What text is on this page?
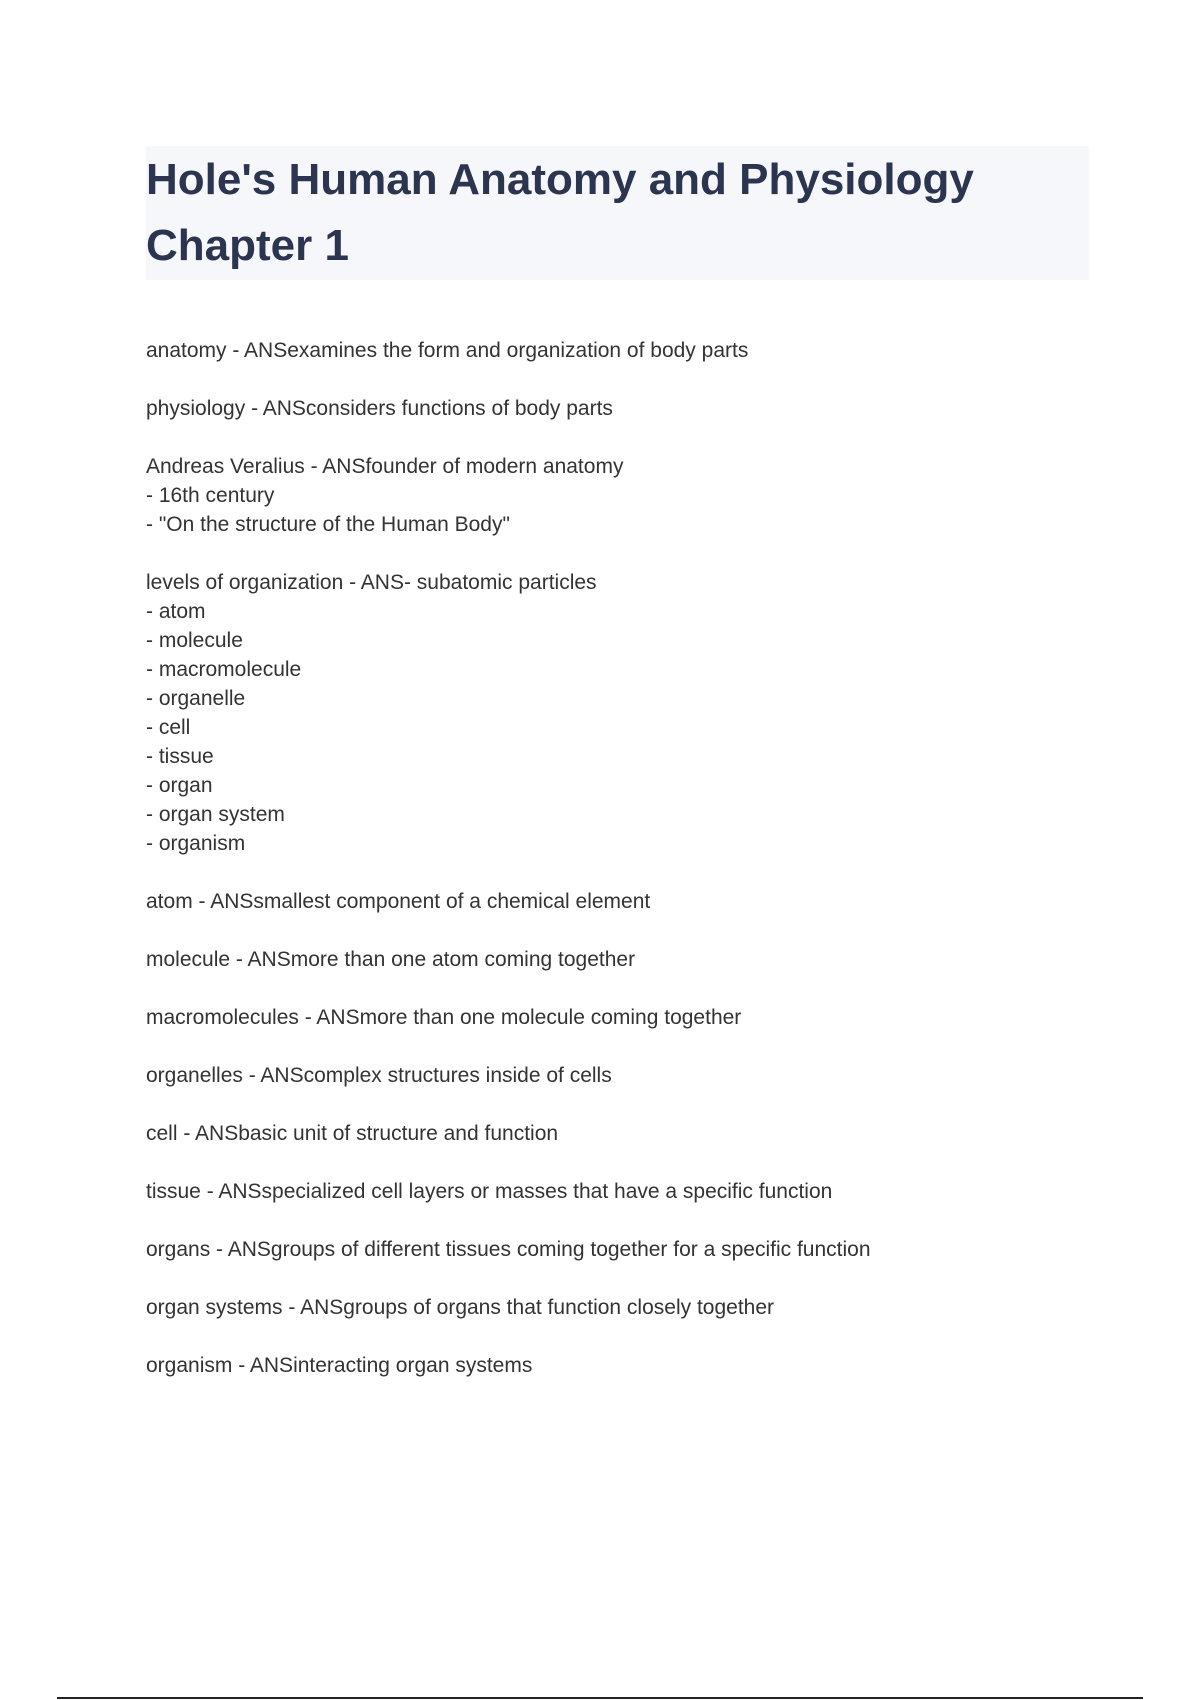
Hole's Human Anatomy and Physiology
Chapter 1
anatomy - ANSexamines the form and organization of body parts
physiology - ANSconsiders functions of body parts
Andreas Veralius - ANSfounder of modern anatomy
- 16th century
- "On the structure of the Human Body"
levels of organization - ANS- subatomic particles
- atom
- molecule
- macromolecule
- organelle
- cell
- tissue
- organ
- organ system
- organism
atom - ANSsmallest component of a chemical element
molecule - ANSmore than one atom coming together
macromolecules - ANSmore than one molecule coming together
organelles - ANScomplex structures inside of cells
cell - ANSbasic unit of structure and function
tissue - ANSspecialized cell layers or masses that have a specific function
organs - ANSgroups of different tissues coming together for a specific function
organ systems - ANSgroups of organs that function closely together
organism - ANSinteracting organ systems
